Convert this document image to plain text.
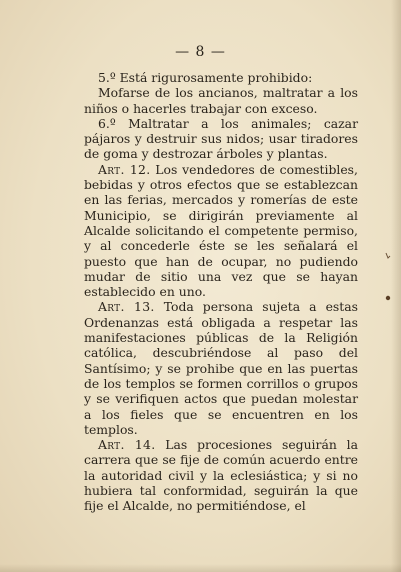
— 8 —

5.º Está rigurosamente prohibido:

Mofarse de los ancianos, maltratar a los niños o hacerles trabajar con exceso.

6.º Maltratar a los animales; cazar pájaros y destruir sus nidos; usar tiradores de goma y destrozar árboles y plantas.

Art. 12. Los vendedores de comestibles, bebidas y otros efectos que se establezcan en las ferias, mercados y romerías de este Municipio, se dirigirán previamente al Alcalde solicitando el competente permiso, y al concederle éste se les señalará el puesto que han de ocupar, no pudiendo mudar de sitio una vez que se hayan establecido en uno.

Art. 13. Toda persona sujeta a estas Ordenanzas está obligada a respetar las manifestaciones públicas de la Religión católica, descubriéndose al paso del Santísimo; y se prohibe que en las puertas de los templos se formen corrillos o grupos y se verifiquen actos que puedan molestar a los fieles que se encuentren en los templos.

Art. 14. Las procesiones seguirán la carrera que se fije de común acuerdo entre la autoridad civil y la eclesiástica; y si no hubiera tal conformidad, seguirán la que fije el Alcalde, no permitiéndose, el
